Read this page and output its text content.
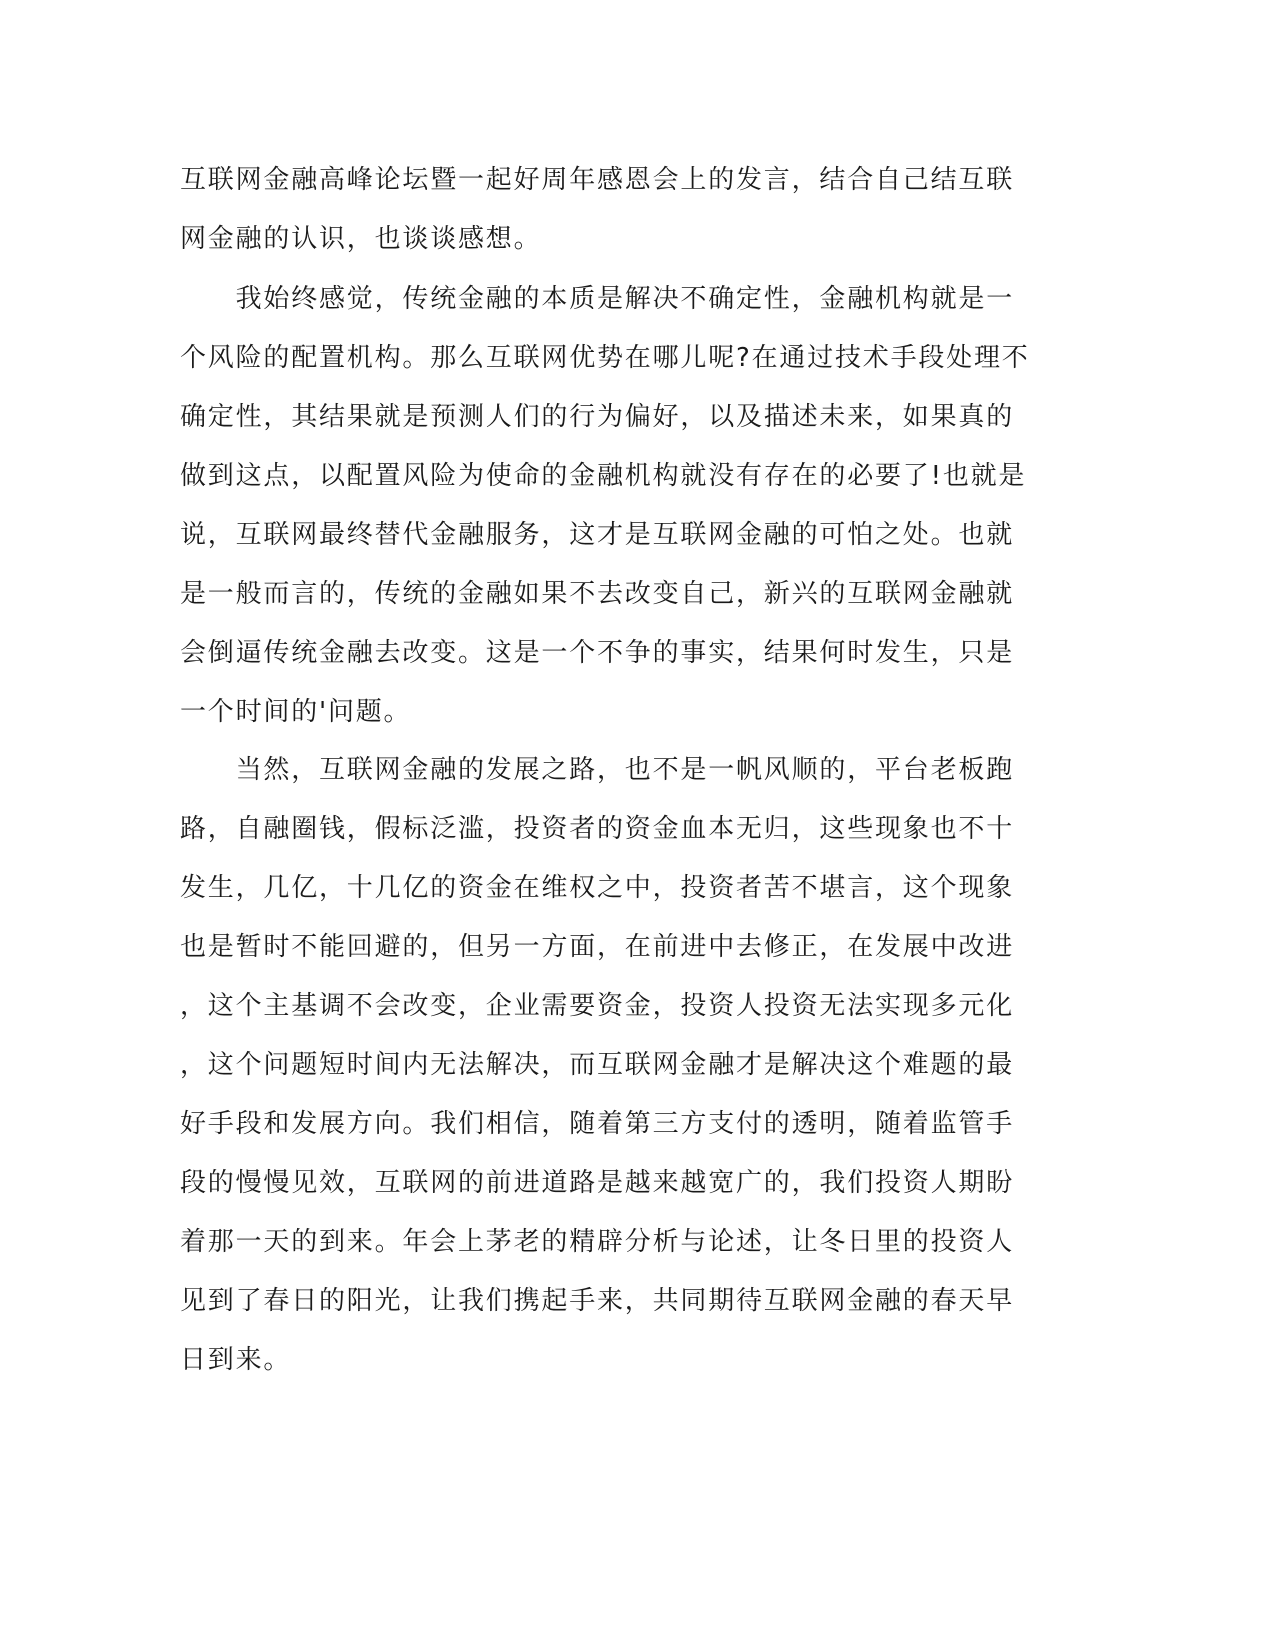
互联网金融高峰论坛暨一起好周年感恩会上的发言，结合自己结互联
网金融的认识，也谈谈感想。
　　我始终感觉，传统金融的本质是解决不确定性，金融机构就是一
个风险的配置机构。那么互联网优势在哪儿呢?在通过技术手段处理不
确定性，其结果就是预测人们的行为偏好，以及描述未来，如果真的
做到这点，以配置风险为使命的金融机构就没有存在的必要了!也就是
说，互联网最终替代金融服务，这才是互联网金融的可怕之处。也就
是一般而言的，传统的金融如果不去改变自己，新兴的互联网金融就
会倒逼传统金融去改变。这是一个不争的事实，结果何时发生，只是
一个时间的'问题。
　　当然，互联网金融的发展之路，也不是一帆风顺的，平台老板跑
路，自融圈钱，假标泛滥，投资者的资金血本无归，这些现象也不十
发生，几亿，十几亿的资金在维权之中，投资者苦不堪言，这个现象
也是暂时不能回避的，但另一方面，在前进中去修正，在发展中改进
，这个主基调不会改变，企业需要资金，投资人投资无法实现多元化
，这个问题短时间内无法解决，而互联网金融才是解决这个难题的最
好手段和发展方向。我们相信，随着第三方支付的透明，随着监管手
段的慢慢见效，互联网的前进道路是越来越宽广的，我们投资人期盼
着那一天的到来。年会上茅老的精辟分析与论述，让冬日里的投资人
见到了春日的阳光，让我们携起手来，共同期待互联网金融的春天早
日到来。
